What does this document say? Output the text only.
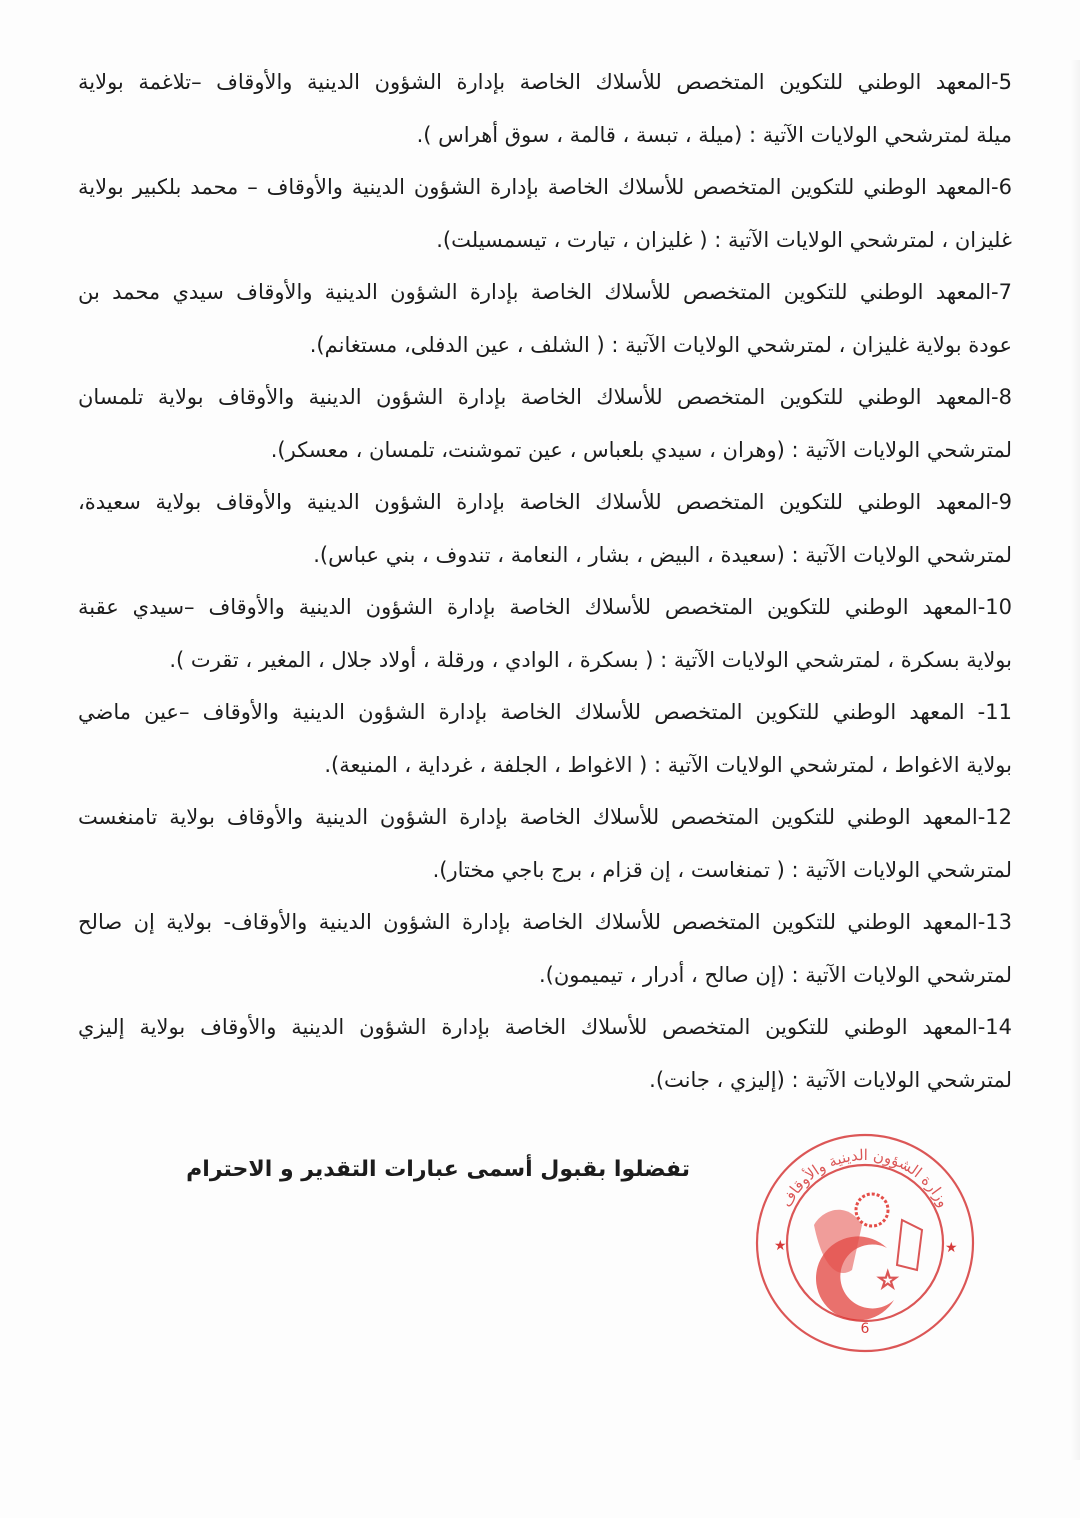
5-المعهد الوطني للتكوين المتخصص للأسلاك الخاصة بإدارة الشؤون الدينية والأوقاف –تلاغمة بولاية
ميلة لمترشحي الولايات الآتية : (ميلة ، تبسة ، قالمة ، سوق أهراس ).
6-المعهد الوطني للتكوين المتخصص للأسلاك الخاصة بإدارة الشؤون الدينية والأوقاف – محمد بلكبير بولاية
غليزان ، لمترشحي الولايات الآتية : ( غليزان ، تيارت ، تيسمسيلت).
7-المعهد الوطني للتكوين المتخصص للأسلاك الخاصة بإدارة الشؤون الدينية والأوقاف سيدي محمد بن
عودة بولاية غليزان ، لمترشحي الولايات الآتية : ( الشلف ، عين الدفلى، مستغانم).
8-المعهد الوطني للتكوين المتخصص للأسلاك الخاصة بإدارة الشؤون الدينية والأوقاف بولاية تلمسان
لمترشحي الولايات الآتية : (وهران ، سيدي بلعباس ، عين تموشنت، تلمسان ، معسكر).
9-المعهد الوطني للتكوين المتخصص للأسلاك الخاصة بإدارة الشؤون الدينية والأوقاف بولاية سعيدة،
لمترشحي الولايات الآتية : (سعيدة ، البيض ، بشار ، النعامة ، تندوف ، بني عباس).
10-المعهد الوطني للتكوين المتخصص للأسلاك الخاصة بإدارة الشؤون الدينية والأوقاف –سيدي عقبة
بولاية بسكرة ، لمترشحي الولايات الآتية : ( بسكرة ، الوادي ، ورقلة ، أولاد جلال ، المغير ، تقرت ).
11- المعهد الوطني للتكوين المتخصص للأسلاك الخاصة بإدارة الشؤون الدينية والأوقاف –عين ماضي
بولاية الاغواط ، لمترشحي الولايات الآتية : ( الاغواط ، الجلفة ، غرداية ، المنيعة).
12-المعهد الوطني للتكوين المتخصص للأسلاك الخاصة بإدارة الشؤون الدينية والأوقاف بولاية تامنغست
لمترشحي الولايات الآتية : ( تمنغاست ، إن قزام ، برج باجي مختار).
13-المعهد الوطني للتكوين المتخصص للأسلاك الخاصة بإدارة الشؤون الدينية والأوقاف- بولاية إن صالح
لمترشحي الولايات الآتية : (إن صالح ، أدرار ، تيميمون).
14-المعهد الوطني للتكوين المتخصص للأسلاك الخاصة بإدارة الشؤون الدينية والأوقاف بولاية إليزي
لمترشحي الولايات الآتية : (إليزي ، جانت).
تفضلوا بقبول أسمى عبارات التقدير و الاحترام
وزارة الشؤون الدينية والأوقاف
★	★
☆
6
